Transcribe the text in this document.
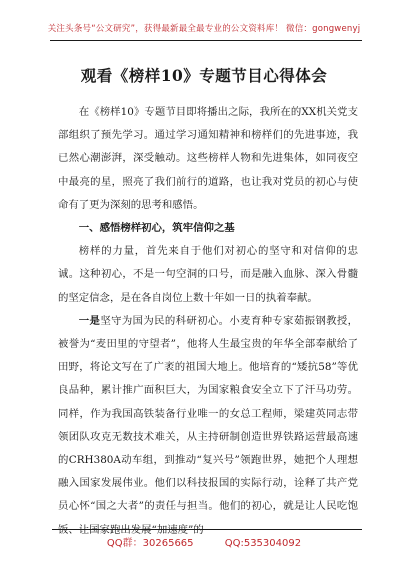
关注头条号“公文研究”，获得最新最全最专业的公文资料库！ 微信：gongwenyj
观看《榜样10》专题节目心得体会

在《榜样10》专题节目即将播出之际，我所在的XX机关党支部组织了预先学习。通过学习通知精神和榜样们的先进事迹，我已然心潮澎湃，深受触动。这些榜样人物和先进集体，如同夜空中最亮的星，照亮了我们前行的道路，也让我对党员的初心与使命有了更为深刻的思考和感悟。

一、感悟榜样初心，筑牢信仰之基

榜样的力量，首先来自于他们对初心的坚守和对信仰的忠诚。这种初心，不是一句空洞的口号，而是融入血脉、深入骨髓的坚定信念，是在各自岗位上数十年如一日的执着奉献。

一是坚守为国为民的科研初心。小麦育种专家茹振钢教授，被誉为“麦田里的守望者”，他将人生最宝贵的年华全部奉献给了田野，将论文写在了广袤的祖国大地上。他培育的“矮抗58”等优良品种，累计推广面积巨大，为国家粮食安全立下了汗马功劳。同样，作为我国高铁装备行业唯一的女总工程师，梁建英同志带领团队攻克无数技术难关，从主持研制创造世界铁路运营最高速的CRH380A动车组，到推动“复兴号”领跑世界，她把个人理想融入国家发展伟业。他们以科技报国的实际行动，诠释了共产党员心怀“国之大者”的责任与担当。他们的初心，就是让人民吃饱饭、让国家跑出发展“加速度”的

QQ群：30265665	QQ:535304092
